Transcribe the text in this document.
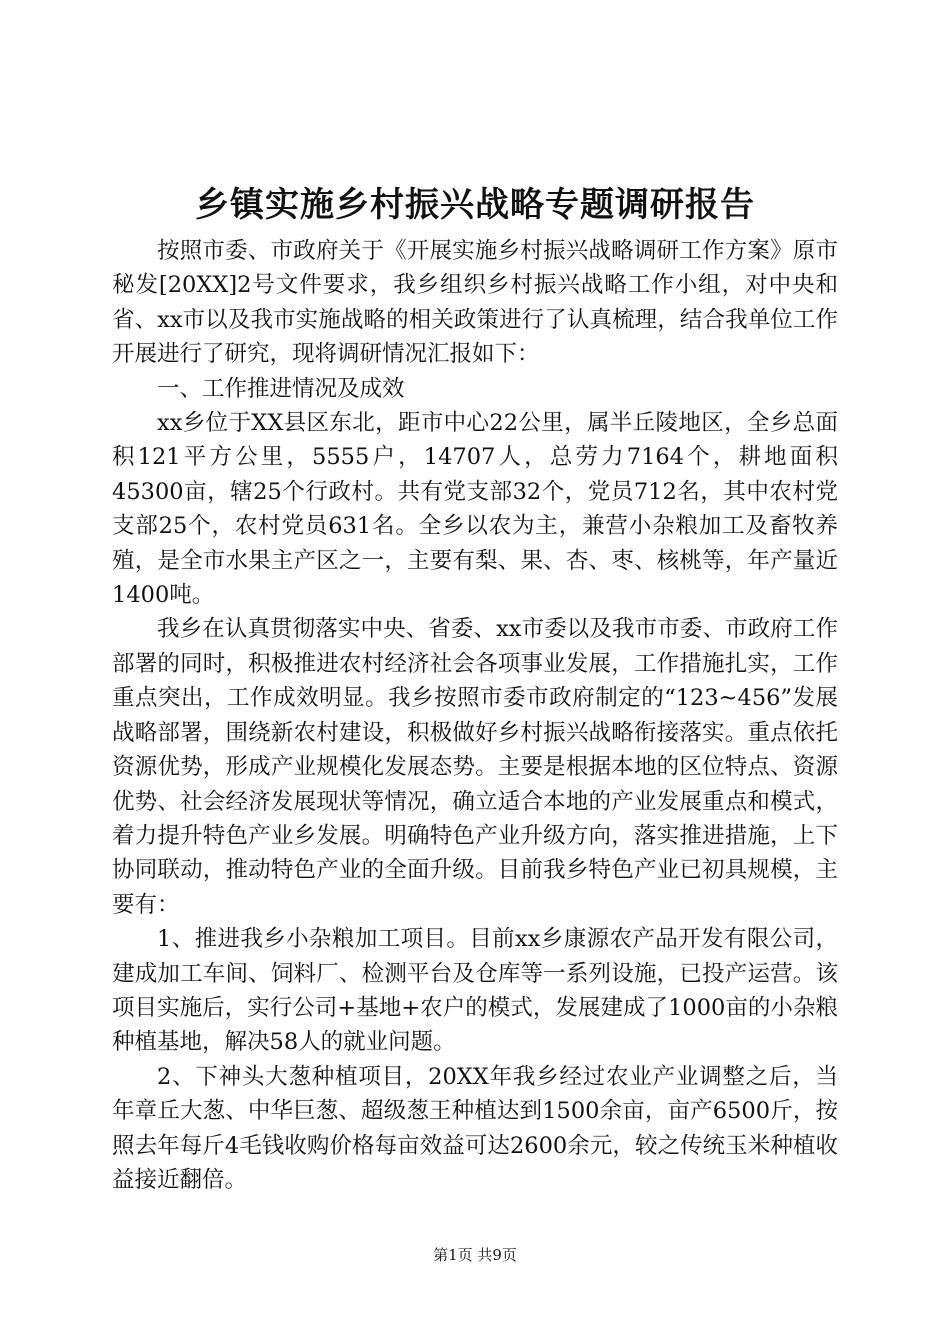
乡镇实施乡村振兴战略专题调研报告

按照市委、市政府关于《开展实施乡村振兴战略调研工作方案》原市秘发[20XX]2号文件要求，我乡组织乡村振兴战略工作小组，对中央和省、xx市以及我市实施战略的相关政策进行了认真梳理，结合我单位工作开展进行了研究，现将调研情况汇报如下：

一、工作推进情况及成效

xx乡位于XX县区东北，距市中心22公里，属半丘陵地区，全乡总面积121平方公里，5555户，14707人，总劳力7164个，耕地面积45300亩，辖25个行政村。共有党支部32个，党员712名，其中农村党支部25个，农村党员631名。全乡以农为主，兼营小杂粮加工及畜牧养殖，是全市水果主产区之一，主要有梨、果、杏、枣、核桃等，年产量近1400吨。

我乡在认真贯彻落实中央、省委、xx市委以及我市市委、市政府工作部署的同时，积极推进农村经济社会各项事业发展，工作措施扎实，工作重点突出，工作成效明显。我乡按照市委市政府制定的“123~456”发展战略部署，围绕新农村建设，积极做好乡村振兴战略衔接落实。重点依托资源优势，形成产业规模化发展态势。主要是根据本地的区位特点、资源优势、社会经济发展现状等情况，确立适合本地的产业发展重点和模式，着力提升特色产业乡发展。明确特色产业升级方向，落实推进措施，上下协同联动，推动特色产业的全面升级。目前我乡特色产业已初具规模，主要有：

1、推进我乡小杂粮加工项目。目前xx乡康源农产品开发有限公司，建成加工车间、饲料厂、检测平台及仓库等一系列设施，已投产运营。该项目实施后，实行公司+基地+农户的模式，发展建成了1000亩的小杂粮种植基地，解决58人的就业问题。

2、下神头大葱种植项目，20XX年我乡经过农业产业调整之后，当年章丘大葱、中华巨葱、超级葱王种植达到1500余亩，亩产6500斤，按照去年每斤4毛钱收购价格每亩效益可达2600余元，较之传统玉米种植收益接近翻倍。

第1页 共9页
